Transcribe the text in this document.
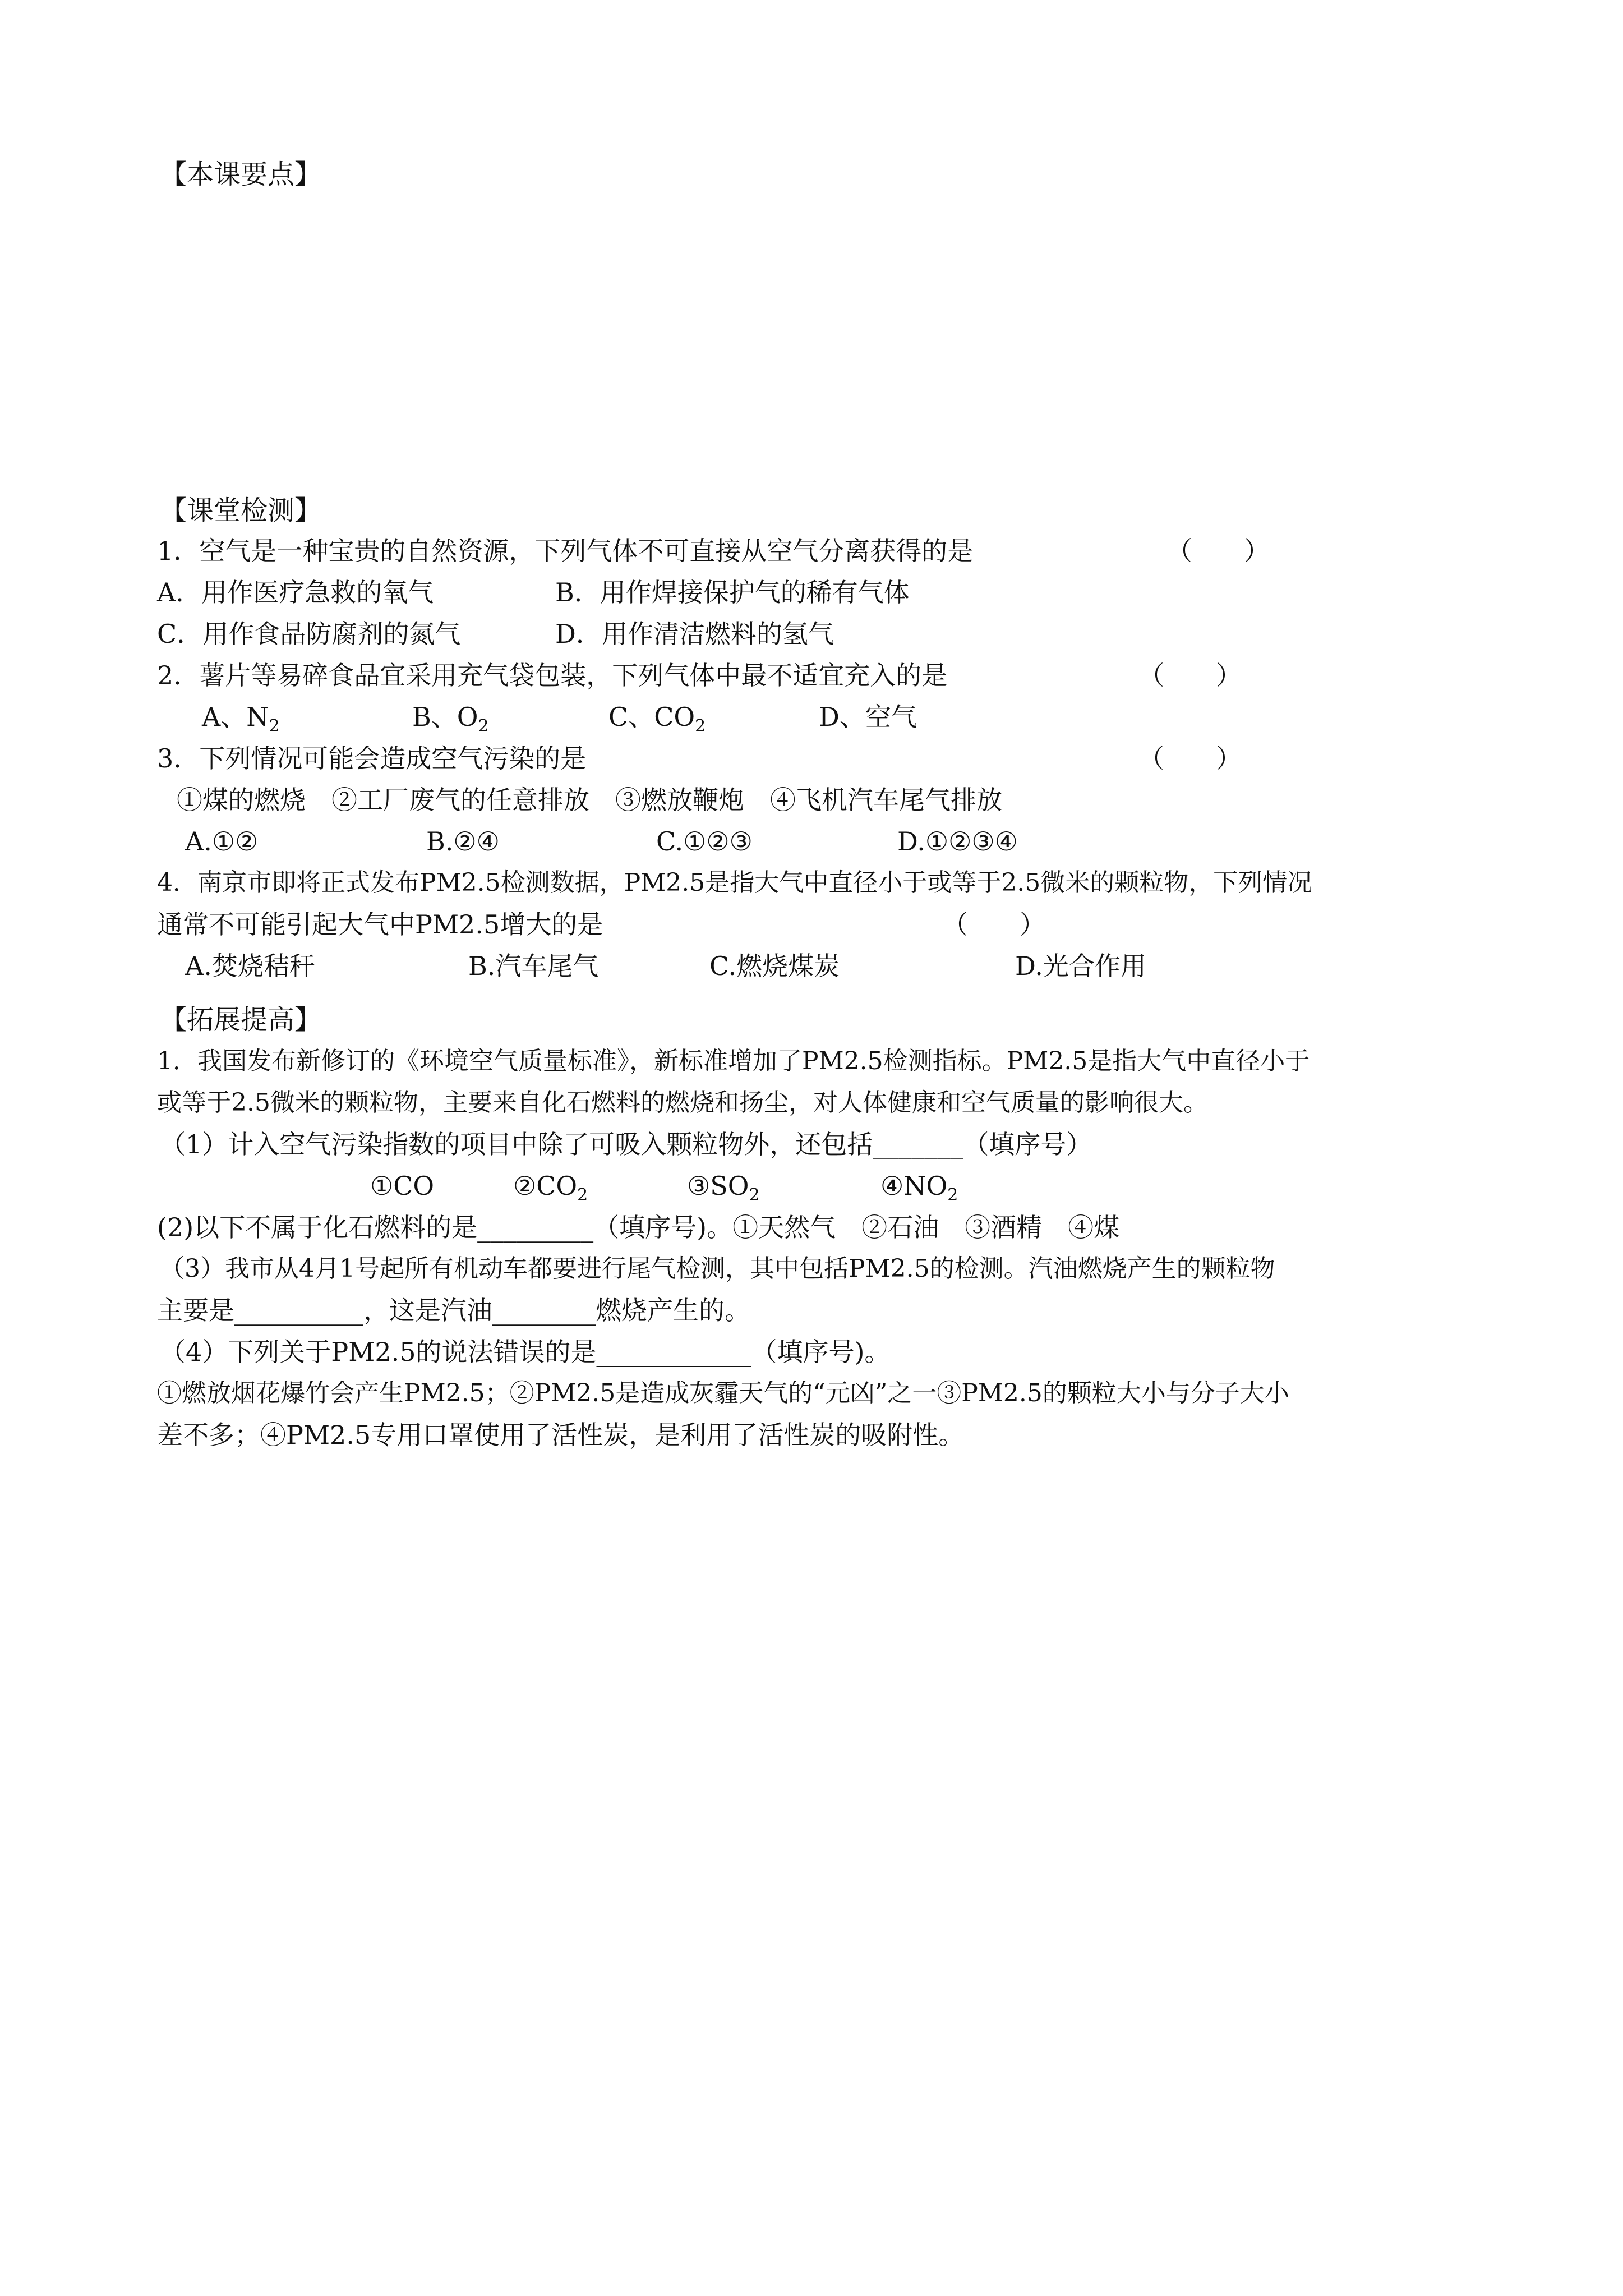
【本课要点】
【课堂检测】
1．空气是一种宝贵的自然资源，下列气体不可直接从空气分离获得的是	（　　）
A．用作医疗急救的氧气	B．用作焊接保护气的稀有气体
C．用作食品防腐剂的氮气	D．用作清洁燃料的氢气
2．薯片等易碎食品宜采用充气袋包装，下列气体中最不适宜充入的是	（　　）
A、$N_2$	B、$O_2$	C、$CO_2$	D、空气
3．下列情况可能会造成空气污染的是	（　　）
①煤的燃烧　②工厂废气的任意排放　③燃放鞭炮　④飞机汽车尾气排放
A.①②	B.②④	C.①②③	D.①②③④
4．南京市即将正式发布PM2.5检测数据，PM2.5是指大气中直径小于或等于2.5微米的颗粒物，下列情况
通常不可能引起大气中PM2.5增大的是	（　　）
A.焚烧秸秆	B.汽车尾气	C.燃烧煤炭	D.光合作用
【拓展提高】
1．我国发布新修订的《环境空气质量标准》，新标准增加了PM2.5检测指标。PM2.5是指大气中直径小于
或等于2.5微米的颗粒物，主要来自化石燃料的燃烧和扬尘，对人体健康和空气质量的影响很大。
（1）计入空气污染指数的项目中除了可吸入颗粒物外，还包括_______（填序号）
①CO	$②CO_2$	$③SO_2$	$④NO_2$
(2)以下不属于化石燃料的是_________（填序号)。①天然气　②石油　③酒精　④煤
（3）我市从4月1号起所有机动车都要进行尾气检测，其中包括PM2.5的检测。汽油燃烧产生的颗粒物
主要是__________，这是汽油________燃烧产生的。
（4）下列关于PM2.5的说法错误的是____________（填序号)。
①燃放烟花爆竹会产生PM2.5；②PM2.5是造成灰霾天气的“元凶”之一③PM2.5的颗粒大小与分子大小
差不多；④PM2.5专用口罩使用了活性炭，是利用了活性炭的吸附性。
